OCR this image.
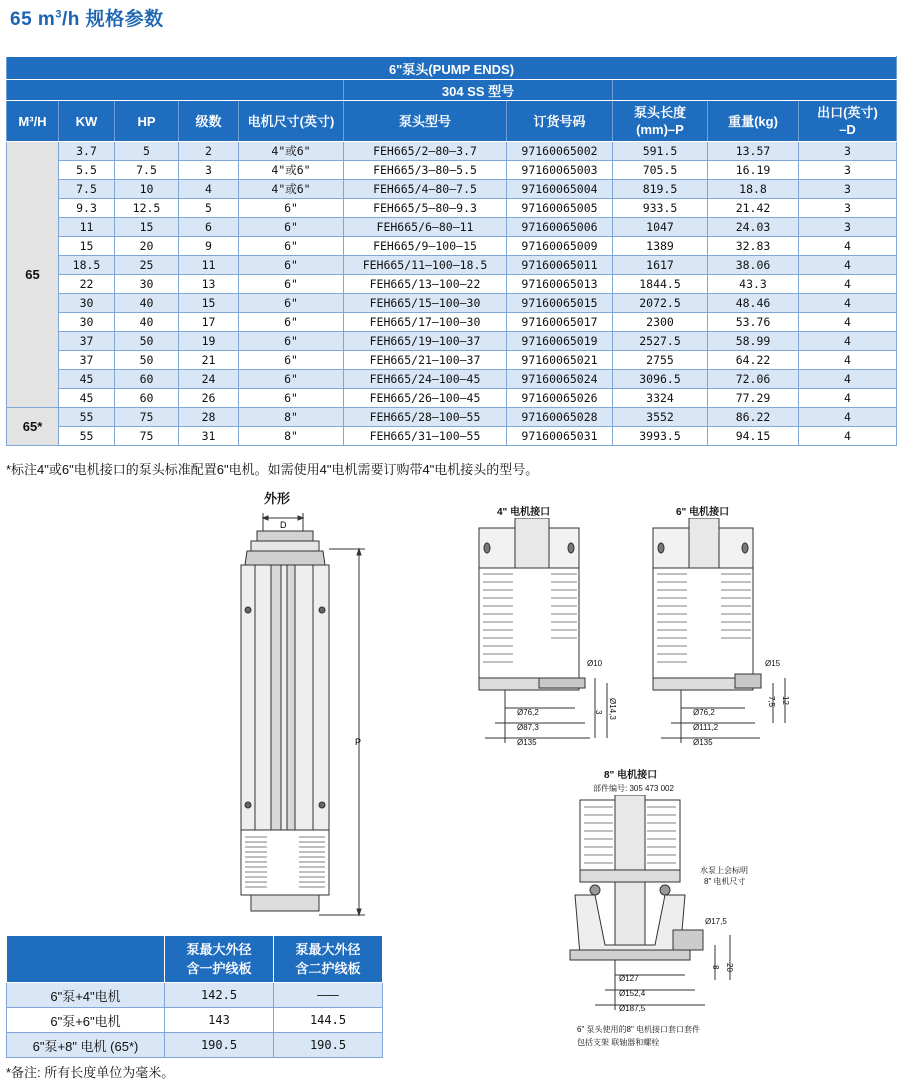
65 $m^3/h$ 规格参数
6"泵头(PUMP ENDS)									
					304 SS 型号				
M³/H	KW	HP	级数	电机尺寸(英寸)	泵头型号	订货号码	泵头长度
(mm)–P	重量(kg)	出口(英寸)
–D
65	3.7	5	2	4"或6"	FEH665/2–80–3.7	97160065002	591.5	13.57	3
	5.5	7.5	3	4"或6"	FEH665/3–80–5.5	97160065003	705.5	16.19	3
	7.5	10	4	4"或6"	FEH665/4–80–7.5	97160065004	819.5	18.8	3
	9.3	12.5	5	6"	FEH665/5–80–9.3	97160065005	933.5	21.42	3
	11	15	6	6"	FEH665/6–80–11	97160065006	1047	24.03	3
	15	20	9	6"	FEH665/9–100–15	97160065009	1389	32.83	4
	18.5	25	11	6"	FEH665/11–100–18.5	97160065011	1617	38.06	4
	22	30	13	6"	FEH665/13–100–22	97160065013	1844.5	43.3	4
	30	40	15	6"	FEH665/15–100–30	97160065015	2072.5	48.46	4
	30	40	17	6"	FEH665/17–100–30	97160065017	2300	53.76	4
	37	50	19	6"	FEH665/19–100–37	97160065019	2527.5	58.99	4
	37	50	21	6"	FEH665/21–100–37	97160065021	2755	64.22	4
	45	60	24	6"	FEH665/24–100–45	97160065024	3096.5	72.06	4
	45	60	26	6"	FEH665/26–100–45	97160065026	3324	77.29	4
65*	55	75	28	8"	FEH665/28–100–55	97160065028	3552	86.22	4
	55	75	31	8"	FEH665/31–100–55	97160065031	3993.5	94.15	4
*标注4"或6"电机接口的泵头标准配置6"电机。如需使用4"电机需要订购带4"电机接头的型号。
外形
D
P
4" 电机接口
Ø10
Ø76,2
Ø87,3
Ø135
3 Ø14,3
6" 电机接口
Ø15
Ø76,2
Ø111,2
Ø135
7,5 12
8" 电机接口
部件编号: 305 473 002
水泵上会标明
8" 电机尺寸
Ø17,5
Ø127
Ø152,4
Ø187,5
8 20
6" 泵头使用的8" 电机接口套口套件
包括支架 联轴器和螺栓
	泵最大外径
含一护线板	泵最大外径
含二护线板
6"泵+4"电机	142.5	–––
6"泵+6"电机	143	144.5
6"泵+8" 电机 (65*)	190.5	190.5
*备注: 所有长度单位为毫米。
